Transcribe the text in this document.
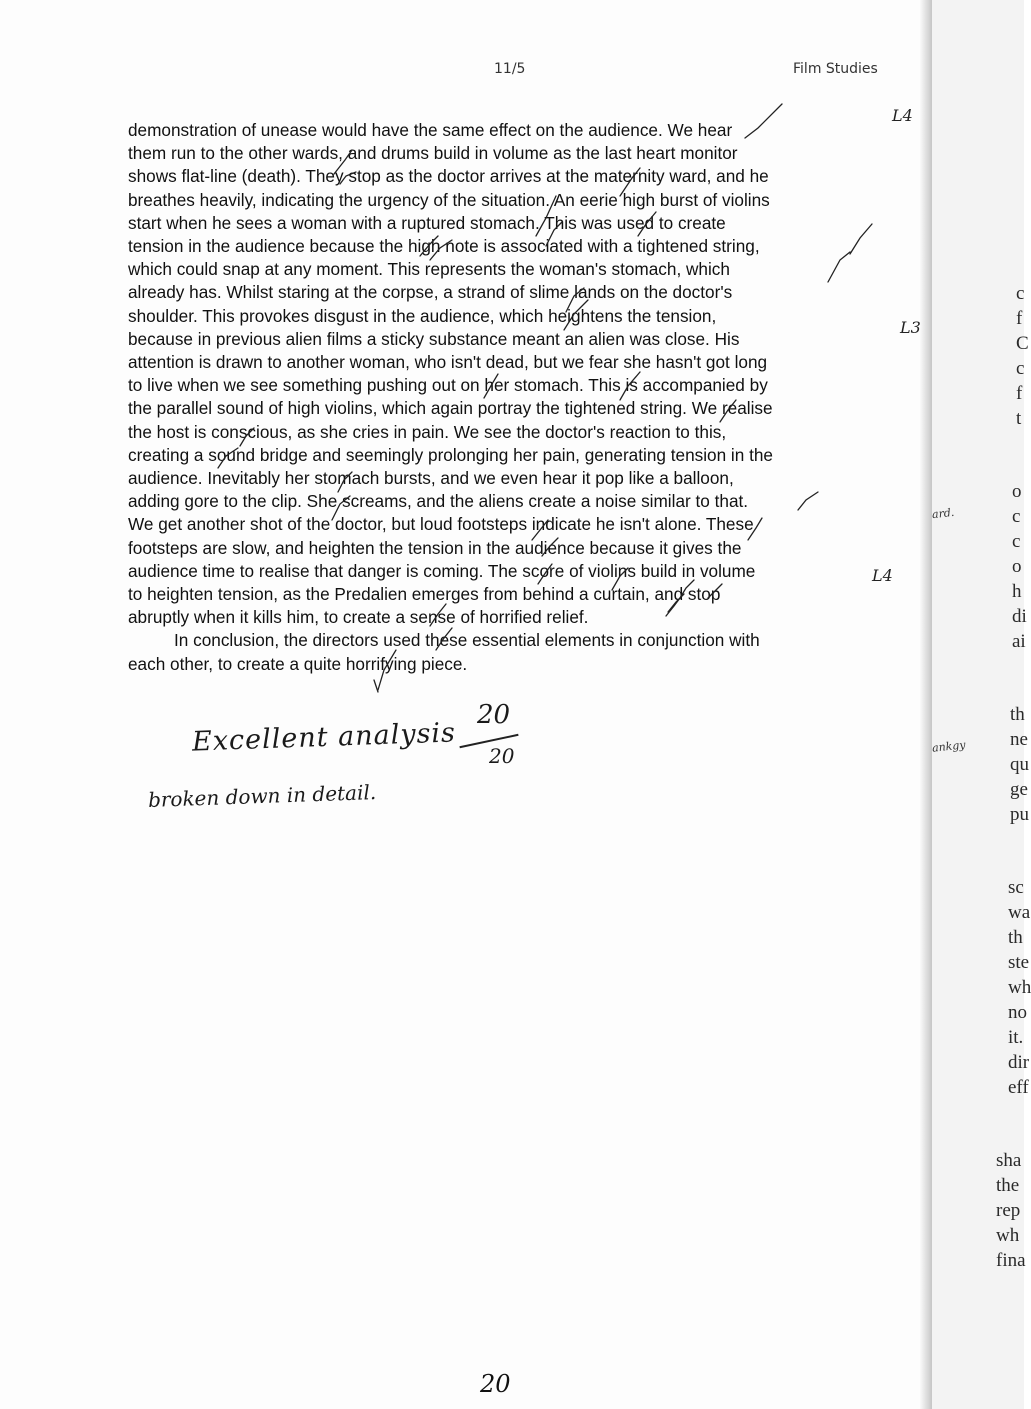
c
f
C
c
f
t
o
c
c
o
h
di
ai
th
ne
qu
ge
pu
sc
wa
th
ste
wh
no
it.
dir
eff
sha
the
rep
wh
fina
ard.
ankgy
11/5	Film Studies
demonstration of unease would have the same effect on the audience. We hear
them run to the other wards, and drums build in volume as the last heart monitor
shows flat-line (death). They stop as the doctor arrives at the maternity ward, and he
breathes heavily, indicating the urgency of the situation. An eerie high burst of violins
start when he sees a woman with a ruptured stomach. This was used to create
tension in the audience because the high note is associated with a tightened string,
which could snap at any moment. This represents the woman's stomach, which
already has. Whilst staring at the corpse, a strand of slime lands on the doctor's
shoulder. This provokes disgust in the audience, which heightens the tension,
because in previous alien films a sticky substance meant an alien was close. His
attention is drawn to another woman, who isn't dead, but we fear she hasn't got long
to live when we see something pushing out on her stomach. This is accompanied by
the parallel sound of high violins, which again portray the tightened string. We realise
the host is conscious, as she cries in pain. We see the doctor's reaction to this,
creating a sound bridge and seemingly prolonging her pain, generating tension in the
audience. Inevitably her stomach bursts, and we even hear it pop like a balloon,
adding gore to the clip. She screams, and the aliens create a noise similar to that.
We get another shot of the doctor, but loud footsteps indicate he isn't alone. These
footsteps are slow, and heighten the tension in the audience because it gives the
audience time to realise that danger is coming. The score of violins build in volume
to heighten tension, as the Predalien emerges from behind a curtain, and stop
abruptly when it kills him, to create a sense of horrified relief.
In conclusion, the directors used these essential elements in conjunction with
each other, to create a quite horrifying piece.
L4
L3
L4
Excellent analysis
broken down in detail.
20
20
20
